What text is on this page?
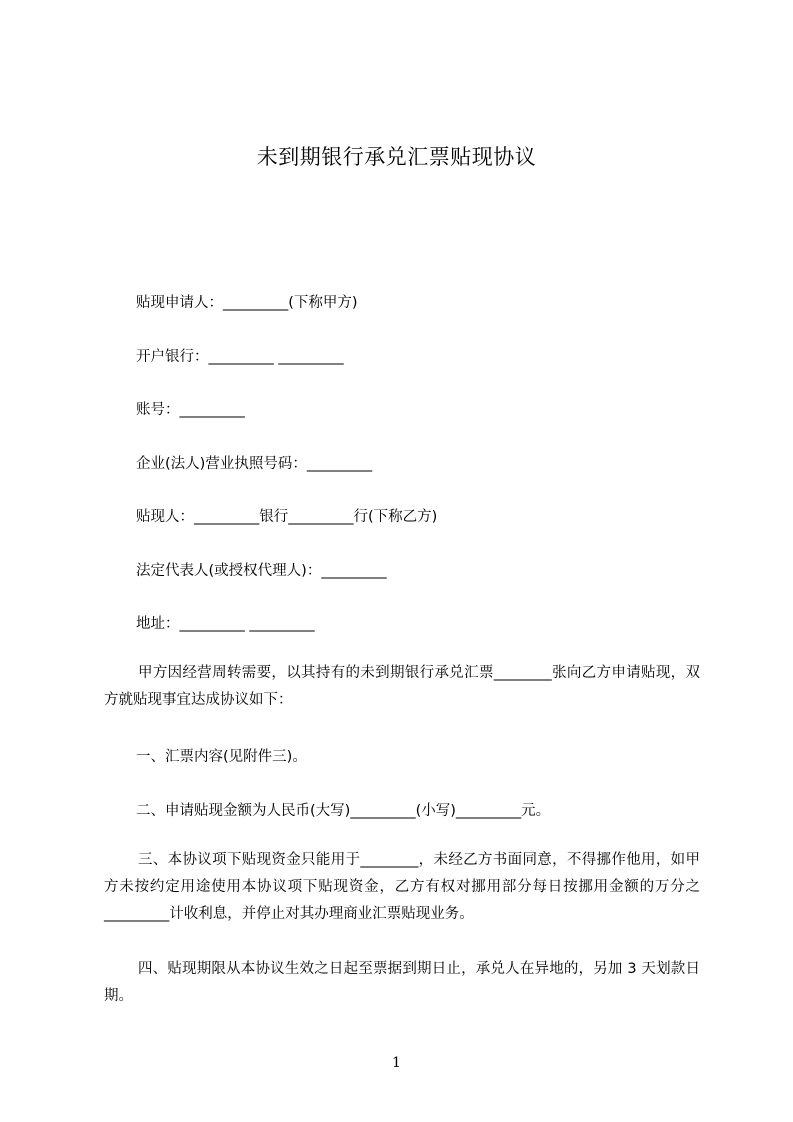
未到期银行承兑汇票贴现协议

贴现申请人：_________(下称甲方)

开户银行：_________ _________

账号：_________

企业(法人)营业执照号码：_________

贴现人：_________银行_________行(下称乙方)

法定代表人(或授权代理人)：_________

地址：_________ _________

甲方因经营周转需要，以其持有的未到期银行承兑汇票________张向乙方申请贴现，双方就贴现事宜达成协议如下：

一、汇票内容(见附件三)。

二、申请贴现金额为人民币(大写)_________(小写)_________元。

三、本协议项下贴现资金只能用于________，未经乙方书面同意，不得挪作他用，如甲方未按约定用途使用本协议项下贴现资金，乙方有权对挪用部分每日按挪用金额的万分之_________计收利息，并停止对其办理商业汇票贴现业务。

四、贴现期限从本协议生效之日起至票据到期日止，承兑人在异地的，另加 3 天划款日期。

1
